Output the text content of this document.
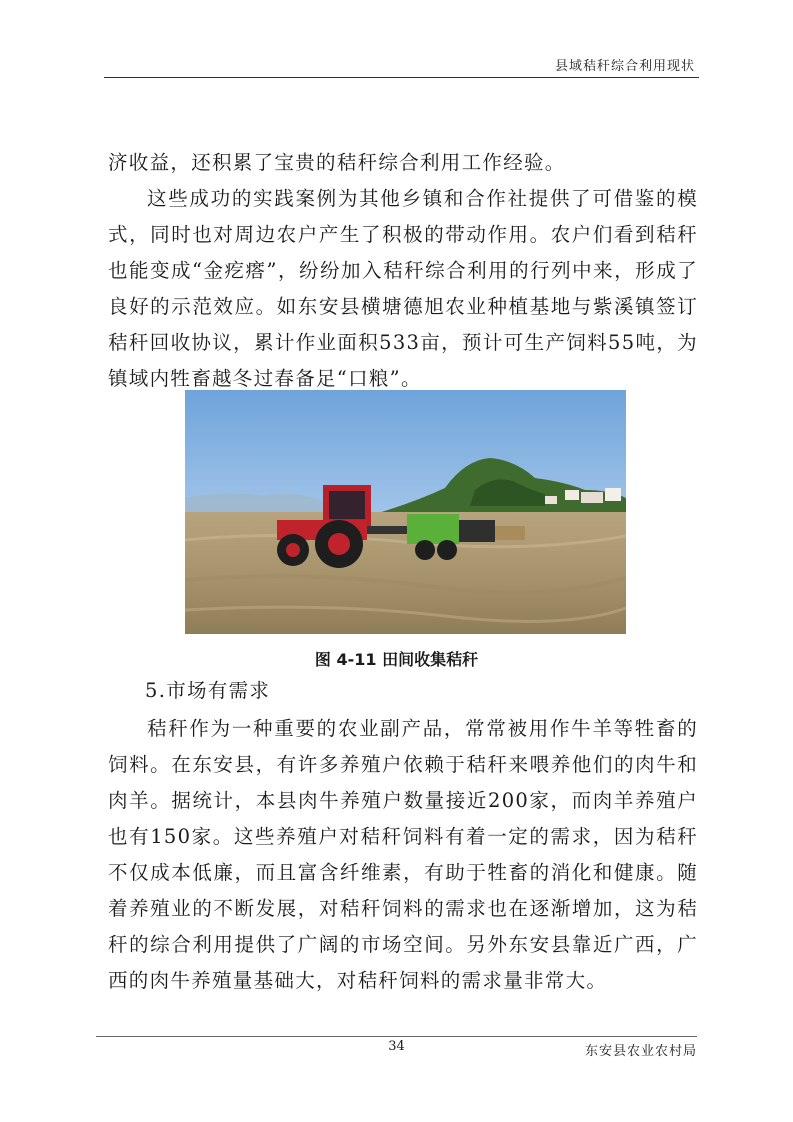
县域秸秆综合利用现状

济收益，还积累了宝贵的秸秆综合利用工作经验。

这些成功的实践案例为其他乡镇和合作社提供了可借鉴的模式，同时也对周边农户产生了积极的带动作用。农户们看到秸秆也能变成“金疙瘩”，纷纷加入秸秆综合利用的行列中来，形成了良好的示范效应。如东安县横塘德旭农业种植基地与紫溪镇签订秸秆回收协议，累计作业面积533亩，预计可生产饲料55吨，为镇域内牲畜越冬过春备足“口粮”。

图 4-11 田间收集秸秆

5.市场有需求

秸秆作为一种重要的农业副产品，常常被用作牛羊等牲畜的饲料。在东安县，有许多养殖户依赖于秸秆来喂养他们的肉牛和肉羊。据统计，本县肉牛养殖户数量接近200家，而肉羊养殖户也有150家。这些养殖户对秸秆饲料有着一定的需求，因为秸秆不仅成本低廉，而且富含纤维素，有助于牲畜的消化和健康。随着养殖业的不断发展，对秸秆饲料的需求也在逐渐增加，这为秸秆的综合利用提供了广阔的市场空间。另外东安县靠近广西，广西的肉牛养殖量基础大，对秸秆饲料的需求量非常大。

34	东安县农业农村局
